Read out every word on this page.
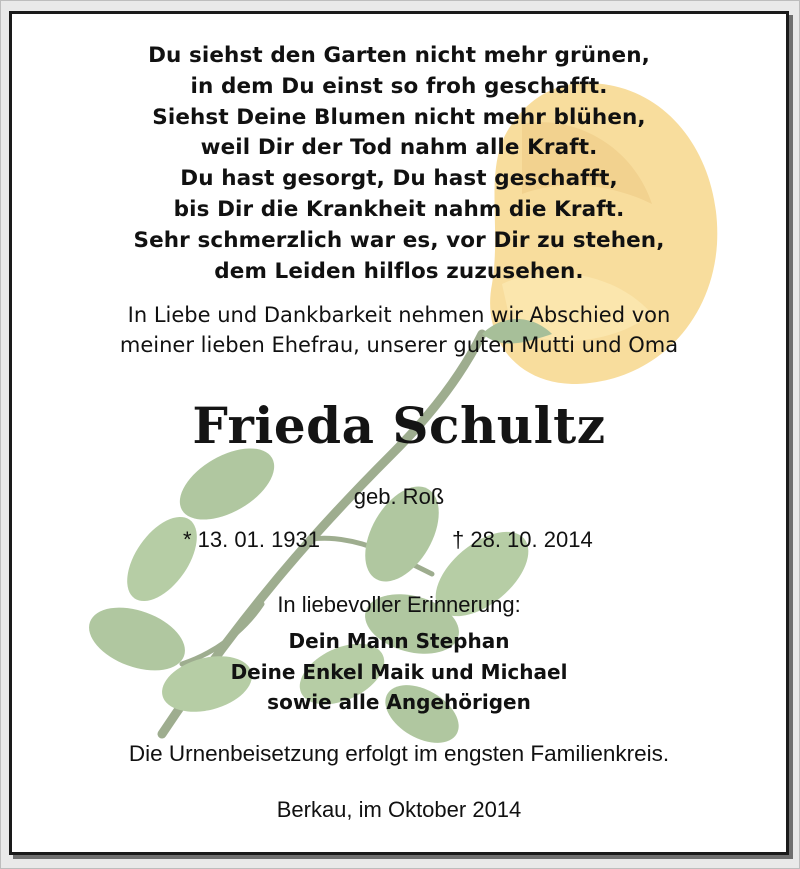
Du siehst den Garten nicht mehr grünen,
in dem Du einst so froh geschafft.
Siehst Deine Blumen nicht mehr blühen,
weil Dir der Tod nahm alle Kraft.
Du hast gesorgt, Du hast geschafft,
bis Dir die Krankheit nahm die Kraft.
Sehr schmerzlich war es, vor Dir zu stehen,
dem Leiden hilflos zuzusehen.
In Liebe und Dankbarkeit nehmen wir Abschied von
meiner lieben Ehefrau, unserer guten Mutti und Oma
Frieda Schultz
geb. Roß
* 13. 01. 1931	† 28. 10. 2014
In liebevoller Erinnerung:
Dein Mann Stephan
Deine Enkel Maik und Michael
sowie alle Angehörigen
Die Urnenbeisetzung erfolgt im engsten Familienkreis.
Berkau, im Oktober 2014
